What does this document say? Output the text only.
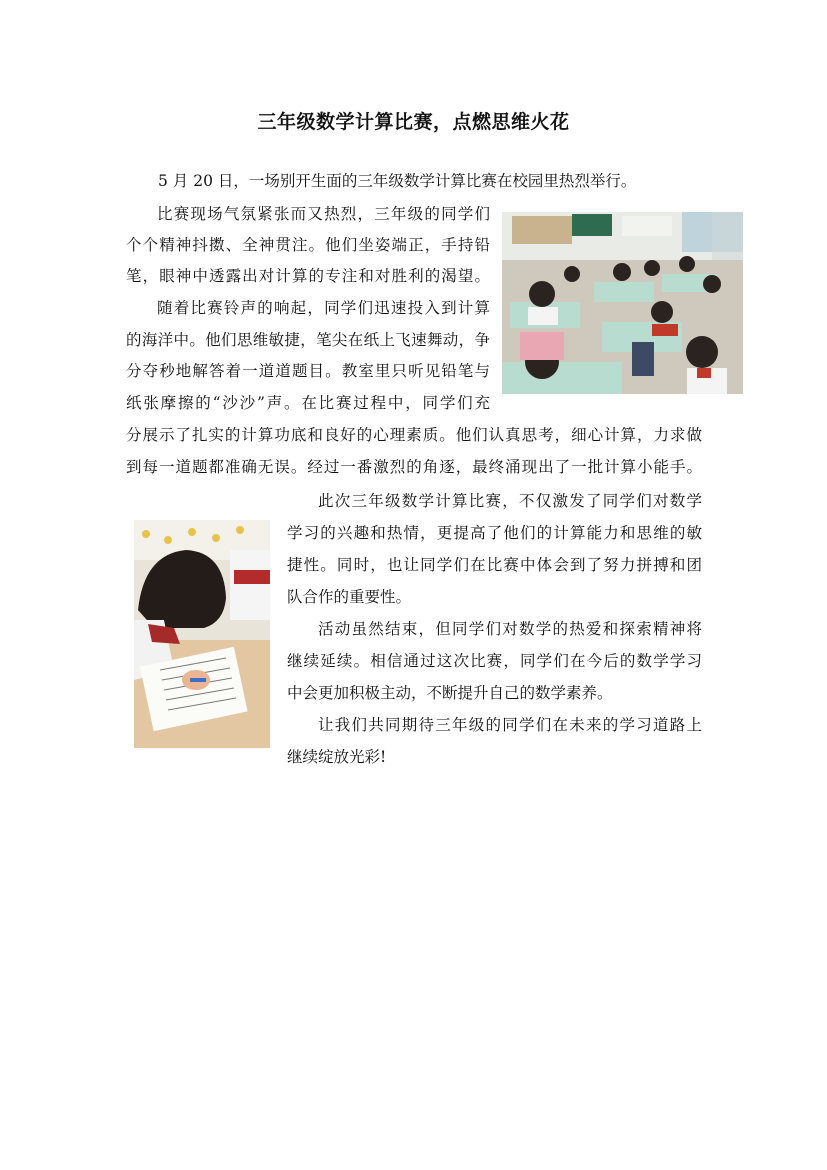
三年级数学计算比赛，点燃思维火花
5 月 20 日，一场别开生面的三年级数学计算比赛在校园里热烈举行。
比赛现场气氛紧张而又热烈，三年级的同学们
个个精神抖擞、全神贯注。他们坐姿端正，手持铅
笔，眼神中透露出对计算的专注和对胜利的渴望。
随着比赛铃声的响起，同学们迅速投入到计算
的海洋中。他们思维敏捷，笔尖在纸上飞速舞动，争
分夺秒地解答着一道道题目。教室里只听见铅笔与
纸张摩擦的“沙沙”声。在比赛过程中，同学们充
分展示了扎实的计算功底和良好的心理素质。他们认真思考，细心计算，力求做
到每一道题都准确无误。经过一番激烈的角逐，最终涌现出了一批计算小能手。
此次三年级数学计算比赛，不仅激发了同学们对数学
学习的兴趣和热情，更提高了他们的计算能力和思维的敏
捷性。同时，也让同学们在比赛中体会到了努力拼搏和团
队合作的重要性。
活动虽然结束，但同学们对数学的热爱和探索精神将
继续延续。相信通过这次比赛，同学们在今后的数学学习
中会更加积极主动，不断提升自己的数学素养。
让我们共同期待三年级的同学们在未来的学习道路上
继续绽放光彩!
